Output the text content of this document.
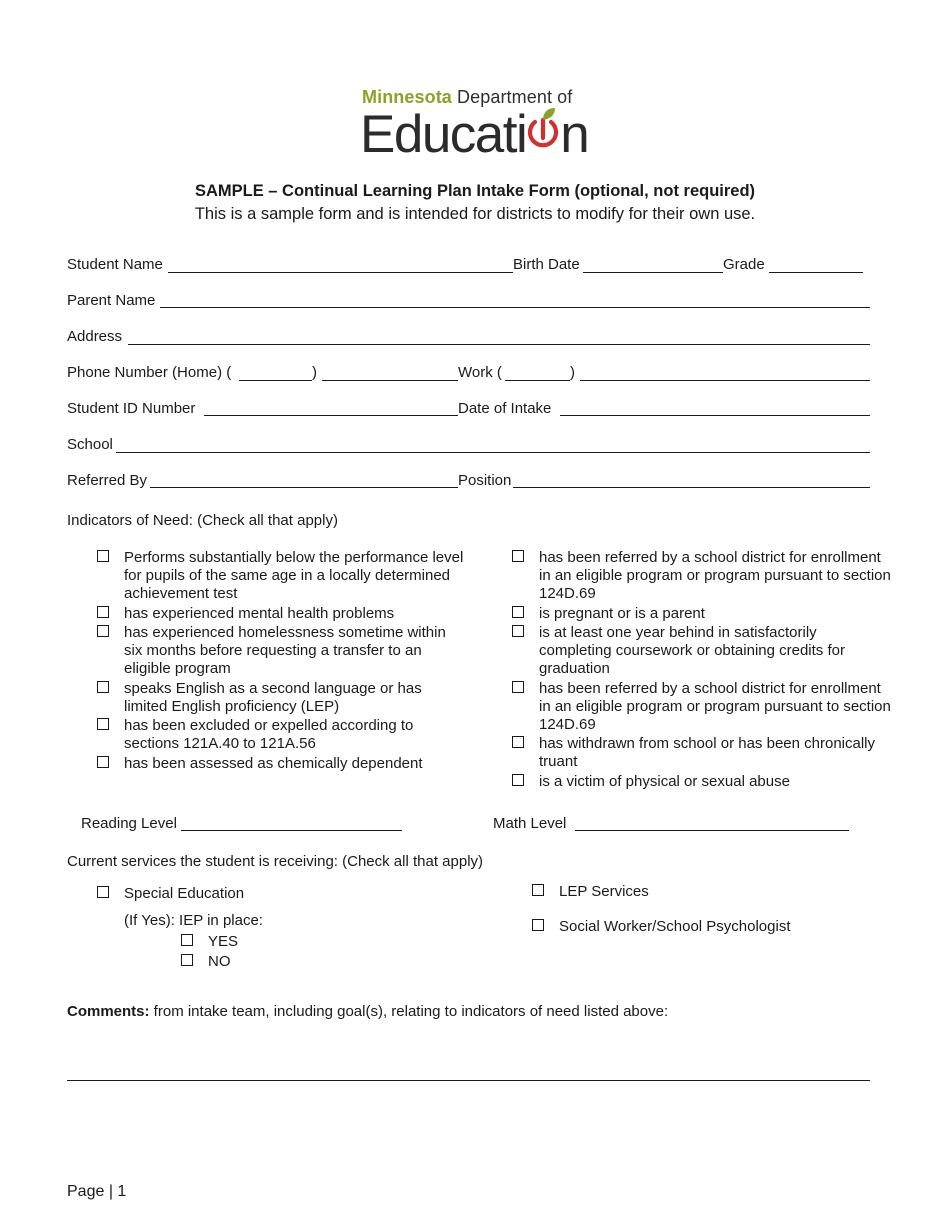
Minnesota Department of
Educati n
SAMPLE – Continual Learning Plan Intake Form (optional, not required)
This is a sample form and is intended for districts to modify for their own use.
Student Name	Birth Date	Grade
Parent Name
Address
Phone Number (Home) (	)	Work (	)
Student ID Number	Date of Intake
School
Referred By	Position
Indicators of Need: (Check all that apply)
Performs substantially below the performance level for pupils of the same age in a locally determined achievement test
has experienced mental health problems
has experienced homelessness sometime within six months before requesting a transfer to an eligible program
speaks English as a second language or has limited English proficiency (LEP)
has been excluded or expelled according to sections 121A.40 to 121A.56
has been assessed as chemically dependent
has been referred by a school district for enrollment in an eligible program or program pursuant to section 124D.69
is pregnant or is a parent
is at least one year behind in satisfactorily completing coursework or obtaining credits for graduation
has been referred by a school district for enrollment in an eligible program or program pursuant to section 124D.69
has withdrawn from school or has been chronically truant
is a victim of physical or sexual abuse
Reading Level	Math Level
Current services the student is receiving: (Check all that apply)
Special Education
(If Yes): IEP in place:
YES
NO
LEP Services
Social Worker/School Psychologist
Comments: from intake team, including goal(s), relating to indicators of need listed above:
Page | 1
